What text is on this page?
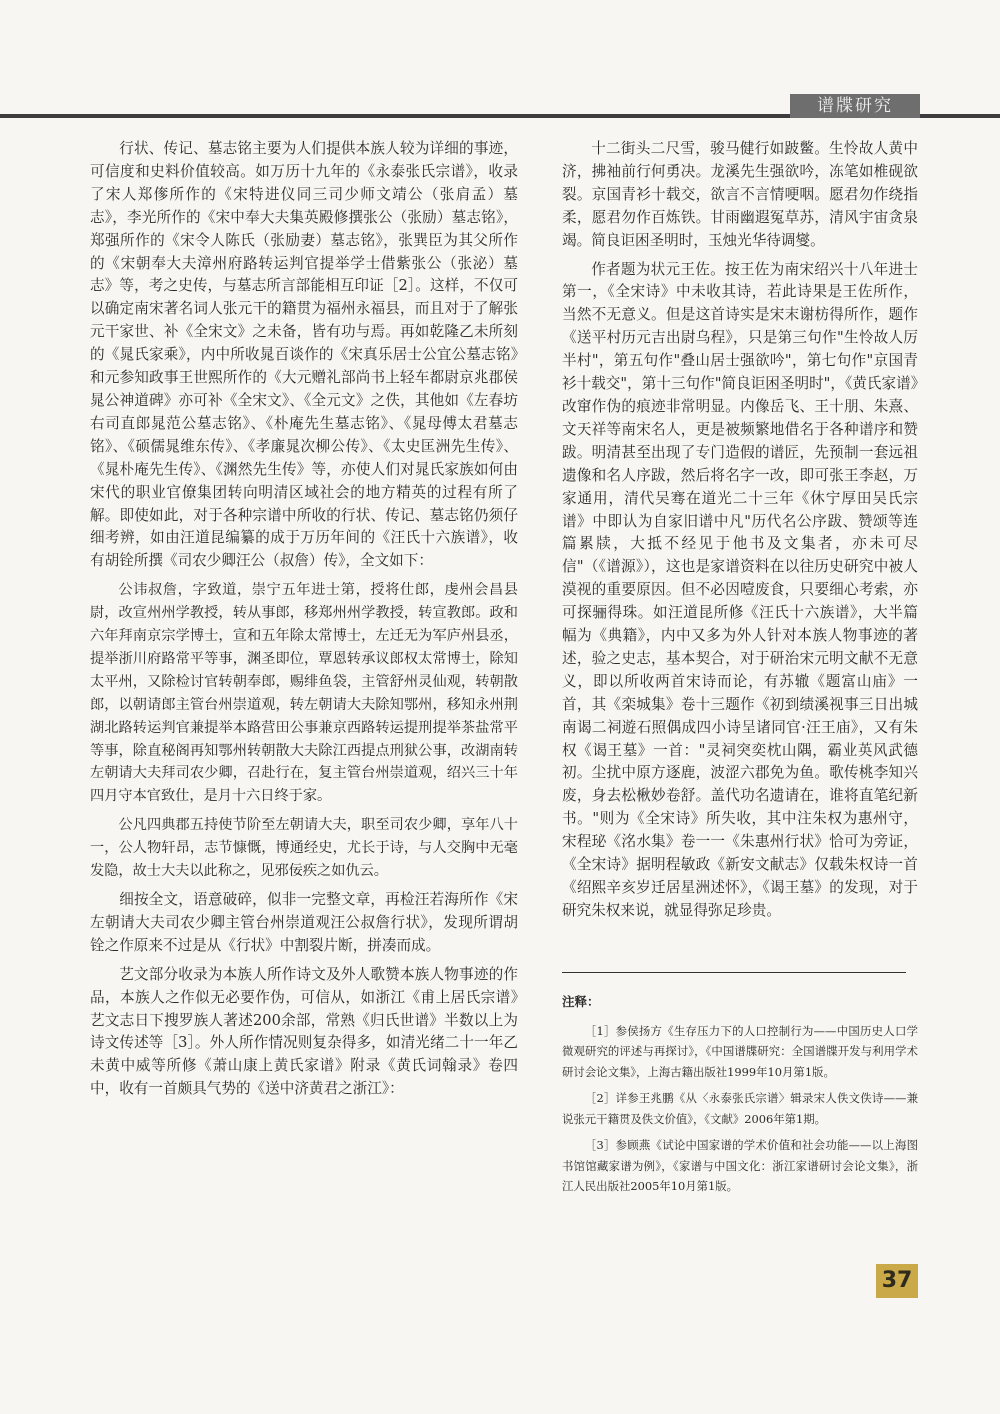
谱牒研究

行状、传记、墓志铭主要为人们提供本族人较为详细的事迹，可信度和史料价值较高。如万历十九年的《永泰张氏宗谱》，收录了宋人郑偧所作的《宋特进仪同三司少师文靖公（张肩孟）墓志》，李光所作的《宋中奉大夫集英殿修撰张公（张励）墓志铭》，郑强所作的《宋令人陈氏（张励妻）墓志铭》，张巽臣为其父所作的《宋朝奉大夫漳州府路转运判官提举学士借紫张公（张泌）墓志》等，考之史传，与墓志所言部能相互印证［2］。这样，不仅可以确定南宋著名词人张元干的籍贯为福州永福县，而且对于了解张元干家世、补《全宋文》之未备，皆有功与焉。再如乾隆乙未所刻的《晁氏家乘》，内中所收晁百谈作的《宋真乐居士公宜公墓志铭》和元参知政事王世熙所作的《大元赠礼部尚书上轻车都尉京兆郡侯晁公神道碑》亦可补《全宋文》、《全元文》之佚，其他如《左春坊右司直郎晁范公墓志铭》、《朴庵先生墓志铭》、《晁母傅太君墓志铭》、《硕儒晁维东传》、《孝廉晁次柳公传》、《太史匡洲先生传》、《晁朴庵先生传》、《渊然先生传》等，亦使人们对晁氏家族如何由宋代的职业官僚集团转向明清区域社会的地方精英的过程有所了解。即使如此，对于各种宗谱中所收的行状、传记、墓志铭仍须仔细考辨，如由汪道昆编纂的成于万历年间的《汪氏十六族谱》，收有胡铨所撰《司农少卿汪公（叔詹）传》，全文如下：

公讳叔詹，字致道，崇宁五年进士第，授将仕郎，虔州会昌县尉，改宣州州学教授，转从事郎，移郑州州学教授，转宣教郎。政和六年拜南京宗学博士，宣和五年除太常博士，左迁无为军庐州县丞，提举浙川府路常平等事，渊圣即位，覃恩转承议郎权太常博士，除知太平州，又除检讨官转朝奉郎，赐绯鱼袋，主管舒州灵仙观，转朝散郎，以朝请郎主管台州崇道观，转左朝请大夫除知鄂州，移知永州荆湖北路转运判官兼提举本路营田公事兼京西路转运提刑提举茶盐常平等事，除直秘阁再知鄂州转朝散大夫除江西提点刑狱公事，改湖南转左朝请大夫拜司农少卿，召赴行在，复主管台州崇道观，绍兴三十年四月守本官致仕，是月十六日终于家。

公凡四典郡五持使节阶至左朝请大夫，职至司农少卿，享年八十一，公人物轩昂，志节慷慨，博通经史，尤长于诗，与人交胸中无毫发隐，故士大夫以此称之，见邪佞疾之如仇云。

细按全文，语意破碎，似非一完整文章，再检汪若海所作《宋左朝请大夫司农少卿主管台州崇道观汪公叔詹行状》，发现所谓胡铨之作原来不过是从《行状》中割裂片断，拼凑而成。

艺文部分收录为本族人所作诗文及外人歌赞本族人物事迹的作品，本族人之作似无必要作伪，可信从，如浙江《甫上居氏宗谱》　　艺文志日下搜罗族人著述200余部，常熟《归氏世谱》半数以上为诗文传述等［3］。外人所作情况则复杂得多，如清光绪二十一年乙未黄中威等所修《萧山康上黄氏家谱》附录《黄氏词翰录》卷四中，收有一首颇具气势的《送中济黄君之浙江》：

十二街头二尺雪，骏马健行如跛鳖。生怜故人黄中济，拂袖前行何勇决。龙溪先生强欲吟，冻笔如椎砚欲裂。京国青衫十载交，欲言不言情哽咽。愿君勿作绕指柔，愿君勿作百炼铁。甘雨幽遐冤草苏，清风宇宙贪泉竭。简良讵困圣明时，玉烛光华待调燮。

作者题为状元王佐。按王佐为南宋绍兴十八年进士第一，《全宋诗》中未收其诗，若此诗果是王佐所作，当然不无意义。但是这首诗实是宋末谢枋得所作，题作《送平村历元吉出尉乌程》，只是第三句作"生怜故人厉半村"，第五句作"叠山居士强欲吟"，第七句作"京国青衫十载交"，第十三句作"简良讵困圣明时"，《黄氏家谱》改窜作伪的痕迹非常明显。内像岳飞、王十朋、朱熹、文天祥等南宋名人，更是被频繁地借名于各种谱序和赞跋。明清甚至出现了专门造假的谱匠，先预制一套远祖遗像和名人序跋，然后将名字一改，即可张王李赵，万家通用，清代吴骞在道光二十三年《休宁厚田吴氏宗谱》中即认为自家旧谱中凡"历代名公序跋、赞颂等连篇累牍，大抵不经见于他书及文集者，亦未可尽信"（《谱源》），这也是家谱资料在以往历史研究中被人漠视的重要原因。但不必因噎废食，只要细心考索，亦可探骊得珠。如汪道昆所修《汪氏十六族谱》，大半篇幅为《典籍》，内中又多为外人针对本族人物事迹的著述，验之史志，基本契合，对于研治宋元明文献不无意义，即以所收两首宋诗而论，有苏辙《题富山庙》一首，其《栾城集》卷十三题作《初到绩溪视事三日出城南谒二祠遊石照偶成四小诗呈诸同官·汪王庙》，又有朱权《谒王墓》一首："灵祠突奕枕山隅，霸业英风武德初。尘扰中原方逐鹿，波涩六郡免为鱼。歌传桃李知兴废，身去松楸妙卷舒。盖代功名遗请在，谁将直笔纪新书。"则为《全宋诗》所失收，其中注朱权为惠州守，宋程珌《洺水集》卷一一《朱惠州行状》恰可为旁证，《全宋诗》据明程敏政《新安文献志》仅载朱权诗一首《绍熙辛亥岁迁居星洲述怀》，《谒王墓》的发现，对于研究朱权来说，就显得弥足珍贵。

注释：

［1］参侯扬方《生存压力下的人口控制行为——中国历史人口学微观研究的评述与再探讨》，《中国谱牒研究：全国谱牒开发与利用学术研讨会论文集》，上海古籍出版社1999年10月第1版。

［2］详参王兆鹏《从〈永泰张氏宗谱〉辑录宋人佚文佚诗——兼说张元干籍贯及佚文价值》，《文献》2006年第1期。

［3］参顾燕《试论中国家谱的学术价值和社会功能——以上海图书馆馆藏家谱为例》，《家谱与中国文化：浙江家谱研讨会论文集》，浙江人民出版社2005年10月第1版。

37
